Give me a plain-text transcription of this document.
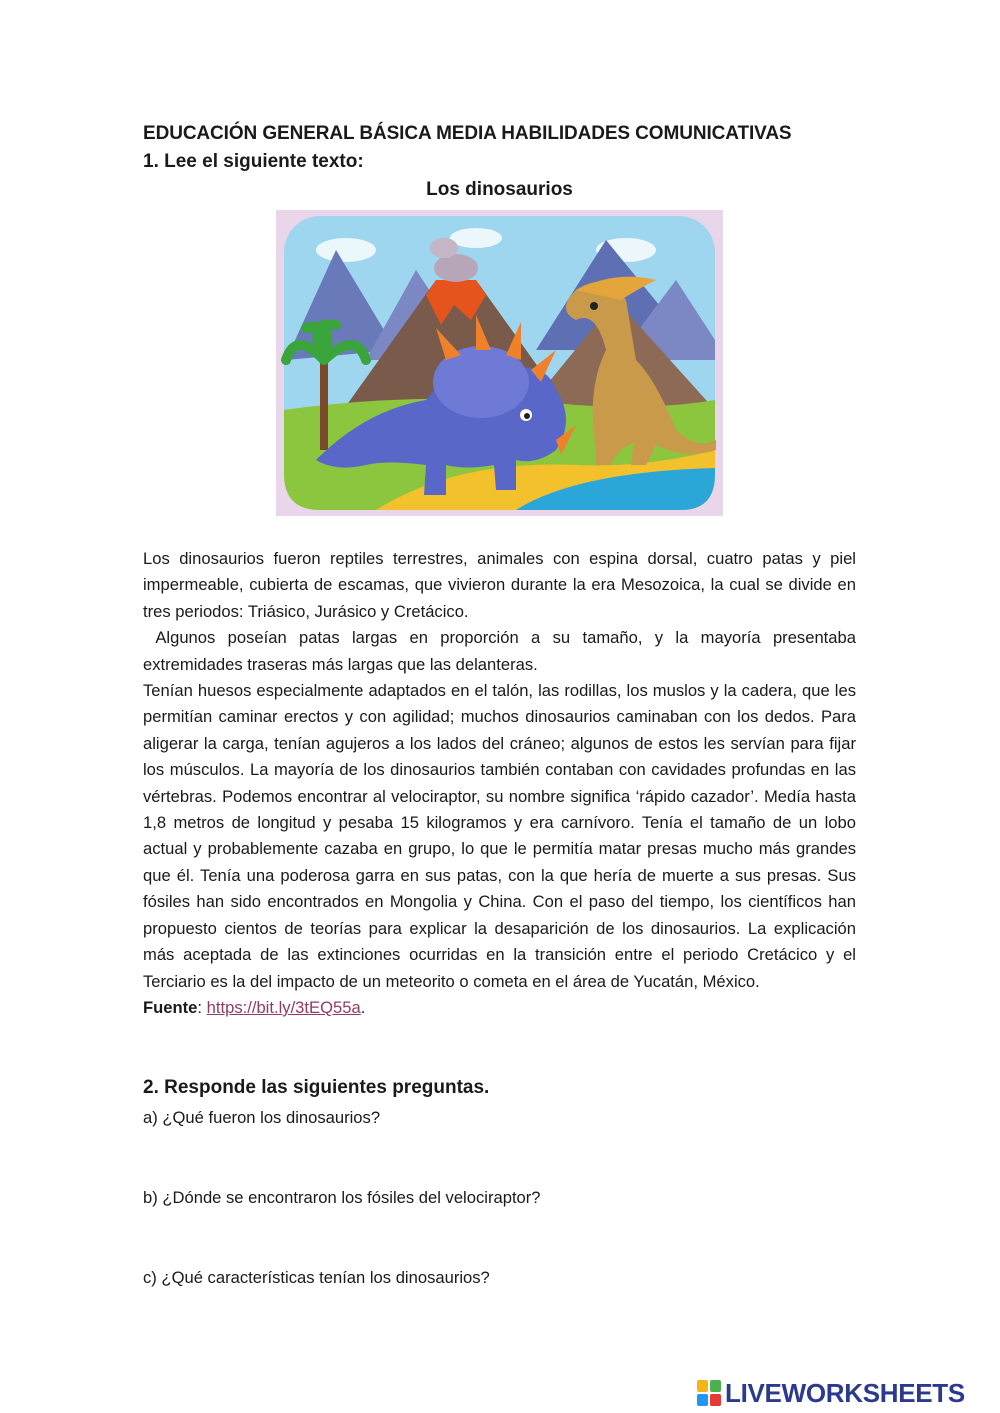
EDUCACIÓN GENERAL BÁSICA MEDIA HABILIDADES COMUNICATIVAS

1. Lee el siguiente texto:

Los dinosaurios

Los dinosaurios fueron reptiles terrestres, animales con espina dorsal, cuatro patas y piel impermeable, cubierta de escamas, que vivieron durante la era Mesozoica, la cual se divide en tres periodos: Triásico, Jurásico y Cretácico.

Algunos poseían patas largas en proporción a su tamaño, y la mayoría presentaba extremidades traseras más largas que las delanteras.

Tenían huesos especialmente adaptados en el talón, las rodillas, los muslos y la cadera, que les permitían caminar erectos y con agilidad; muchos dinosaurios caminaban con los dedos. Para aligerar la carga, tenían agujeros a los lados del cráneo; algunos de estos les servían para fijar los músculos. La mayoría de los dinosaurios también contaban con cavidades profundas en las vértebras. Podemos encontrar al velociraptor, su nombre significa ‘rápido cazador’. Medía hasta 1,8 metros de longitud y pesaba 15 kilogramos y era carnívoro. Tenía el tamaño de un lobo actual y probablemente cazaba en grupo, lo que le permitía matar presas mucho más grandes que él. Tenía una poderosa garra en sus patas, con la que hería de muerte a sus presas. Sus fósiles han sido encontrados en Mongolia y China. Con el paso del tiempo, los científicos han propuesto cientos de teorías para explicar la desaparición de los dinosaurios. La explicación más aceptada de las extinciones ocurridas en la transición entre el periodo Cretácico y el Terciario es la del impacto de un meteorito o cometa en el área de Yucatán, México.

Fuente: https://bit.ly/3tEQ55a.

2. Responde las siguientes preguntas.

a) ¿Qué fueron los dinosaurios?

b) ¿Dónde se encontraron los fósiles del velociraptor?

c) ¿Qué características tenían los dinosaurios?

LIVEWORKSHEETS
